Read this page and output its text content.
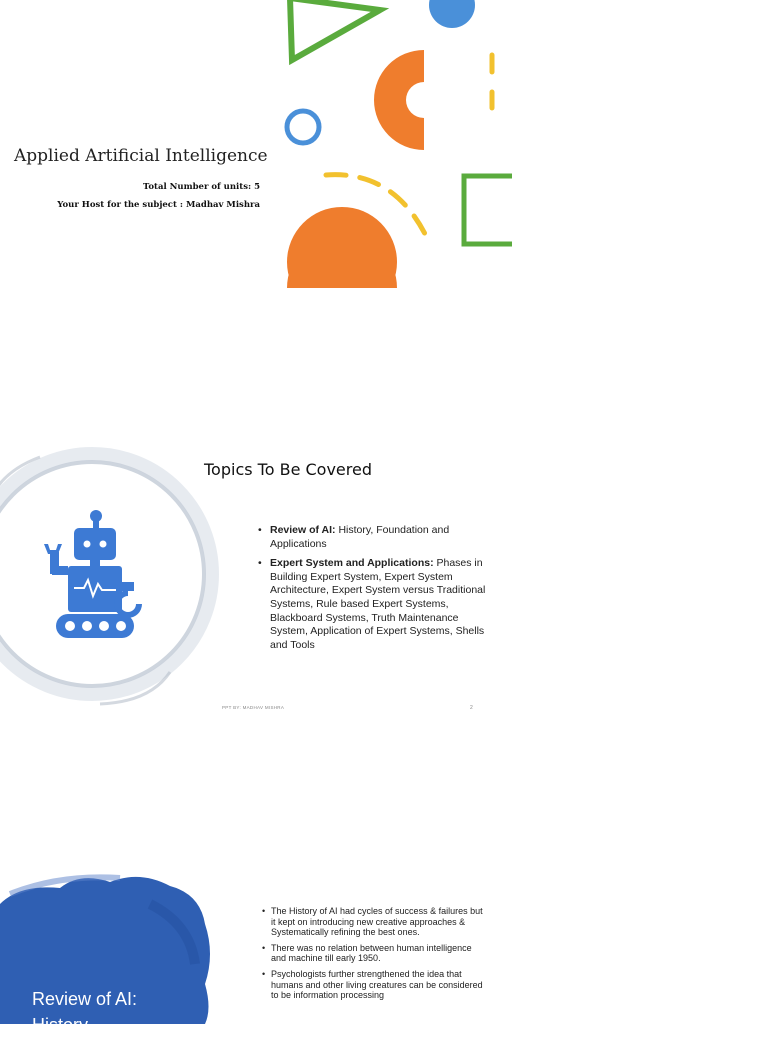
Applied Artificial Intelligence
Total Number of units: 5
Your Host for the subject : Madhav Mishra
Topics To Be Covered
• Review of AI: History, Foundation and Applications
• Expert System and Applications: Phases in Building Expert System, Expert System Architecture, Expert System versus Traditional Systems, Rule based Expert Systems, Blackboard Systems, Truth Maintenance System, Application of Expert Systems, Shells and Tools
PPT BY: MADHAV MISHRA	2
Review of AI:
History
• The History of AI had cycles of success & failures but it kept on introducing new creative approaches & Systematically refining the best ones.
• There was no relation between human intelligence and machine till early 1950.
• Psychologists further strengthened the idea that humans and other living creatures can be considered to be information processing
